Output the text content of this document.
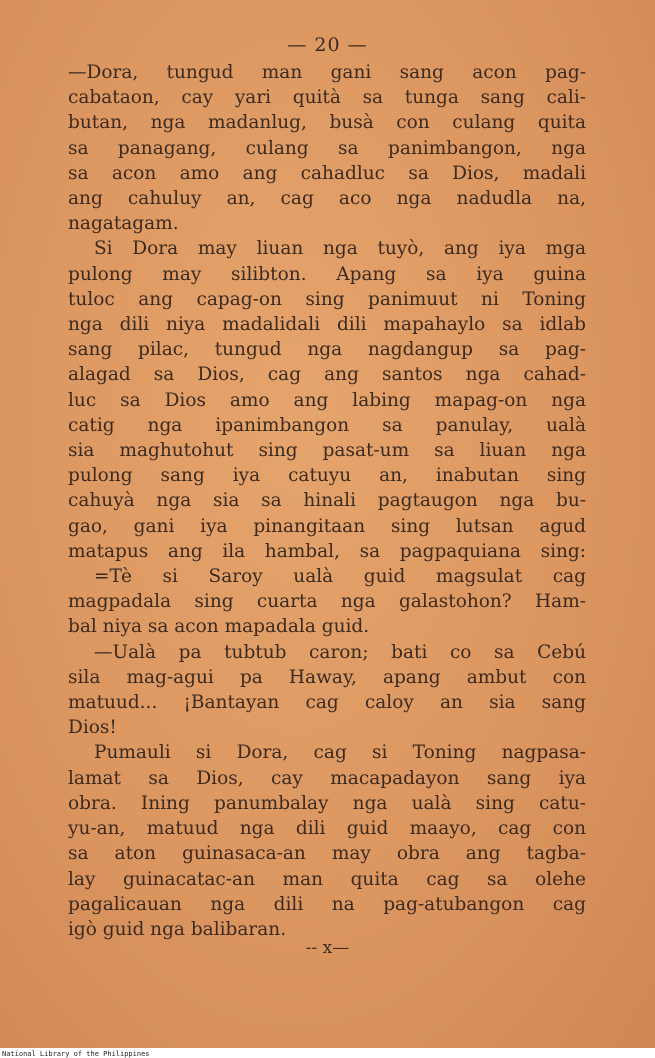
— 20 —
—Dora, tungud man gani sang acon pag-
cabataon, cay yari quità sa tunga sang cali-
butan, nga madanlug, busà con culang quita
sa panagang, culang sa panimbangon, nga
sa acon amo ang cahadluc sa Dios, madali
ang cahuluy an, cag aco nga nadudla na,
nagatagam.
Si Dora may liuan nga tuyò, ang iya mga
pulong may silibton. Apang sa iya guina
tuloc ang capag-on sing panimuut ni Toning
nga dili niya madalidali dili mapahaylo sa idlab
sang pilac, tungud nga nagdangup sa pag-
alagad sa Dios, cag ang santos nga cahad-
luc sa Dios amo ang labing mapag-on nga
catig nga ipanimbangon sa panulay, ualà
sia maghutohut sing pasat-um sa liuan nga
pulong sang iya catuyu an, inabutan sing
cahuyà nga sia sa hinali pagtaugon nga bu-
gao, gani iya pinangitaan sing lutsan agud
matapus ang ila hambal, sa pagpaquiana sing:
=Tè si Saroy ualà guid magsulat cag
magpadala sing cuarta nga galastohon? Ham-
bal niya sa acon mapadala guid.
—Ualà pa tubtub caron; bati co sa Cebú
sila mag-agui pa Haway, apang ambut con
matuud... ¡Bantayan cag caloy an sia sang
Dios!
Pumauli si Dora, cag si Toning nagpasa-
lamat sa Dios, cay macapadayon sang iya
obra. Ining panumbalay nga ualà sing catu-
yu-an, matuud nga dili guid maayo, cag con
sa aton guinasaca-an may obra ang tagba-
lay guinacatac-an man quita cag sa olehe
pagalicauan nga dili na pag-atubangon cag
igò guid nga balibaran.
-- x—
National Library of the Philippines
